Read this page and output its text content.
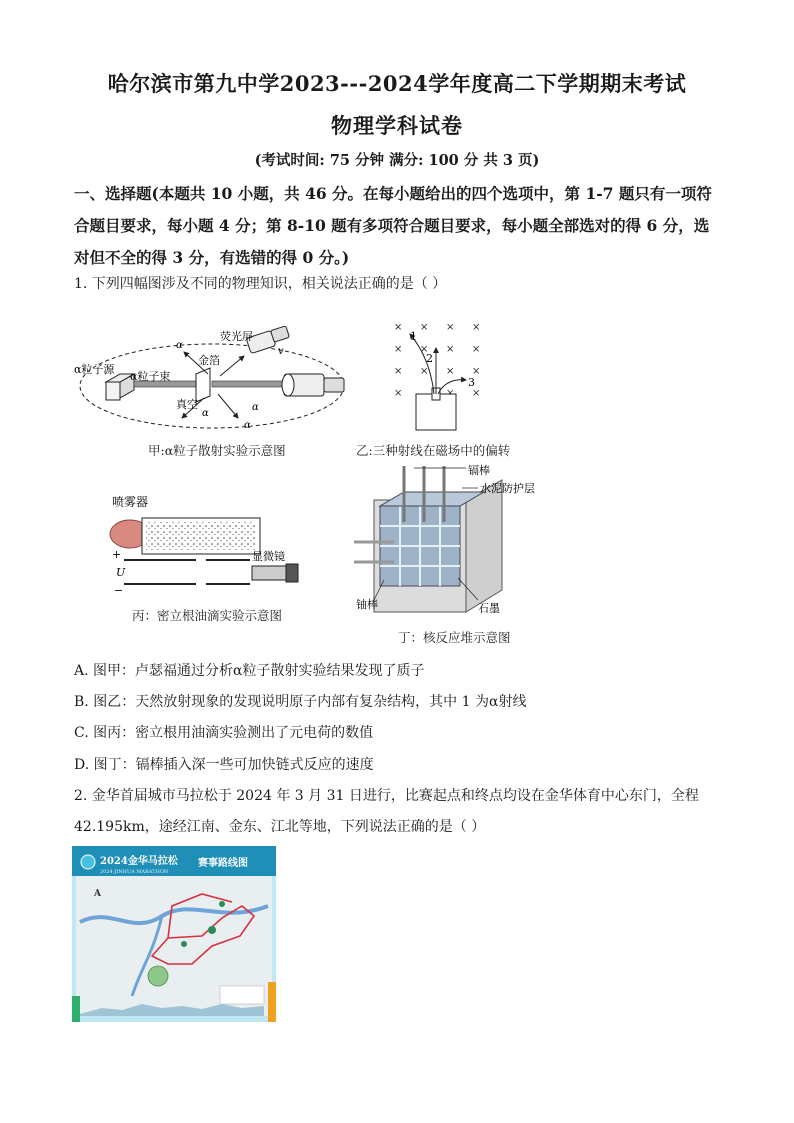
哈尔滨市第九中学2023---2024学年度高二下学期期末考试
物理学科试卷
(考试时间: 75 分钟 满分: 100 分 共 3 页)
一、选择题(本题共 10 小题，共 46 分。在每小题给出的四个选项中，第 1-7 题只有一项符
合题目要求，每小题 4 分；第 8-10 题有多项符合题目要求，每小题全部选对的得 6 分，选
对但不全的得 3 分，有选错的得 0 分。)
1. 下列四幅图涉及不同的物理知识，相关说法正确的是（ ）
α粒子源
α粒子束
荧光屏
金箔
真空
α
α
α
α
v
甲:α粒子散射实验示意图
× × × ×
× × × ×
× × × ×
×	×
1
2
3
乙:三种射线在磁场中的偏转
+
U
−
喷雾器
显微镜
丙：密立根油滴实验示意图
镉棒
水泥防护层
铀棒	石墨
丁：核反应堆示意图
A. 图甲：卢瑟福通过分析α粒子散射实验结果发现了质子
B. 图乙：天然放射现象的发现说明原子内部有复杂结构，其中 1 为α射线
C. 图丙：密立根用油滴实验测出了元电荷的数值
D. 图丁：镉棒插入深一些可加快链式反应的速度
2. 金华首届城市马拉松于 2024 年 3 月 31 日进行，比赛起点和终点均设在金华体育中心东门，全程
42.195km，途经江南、金东、江北等地，下列说法正确的是（ ）
2024金华马拉松
2024 JINHUA MARATHON
赛事路线图
A
